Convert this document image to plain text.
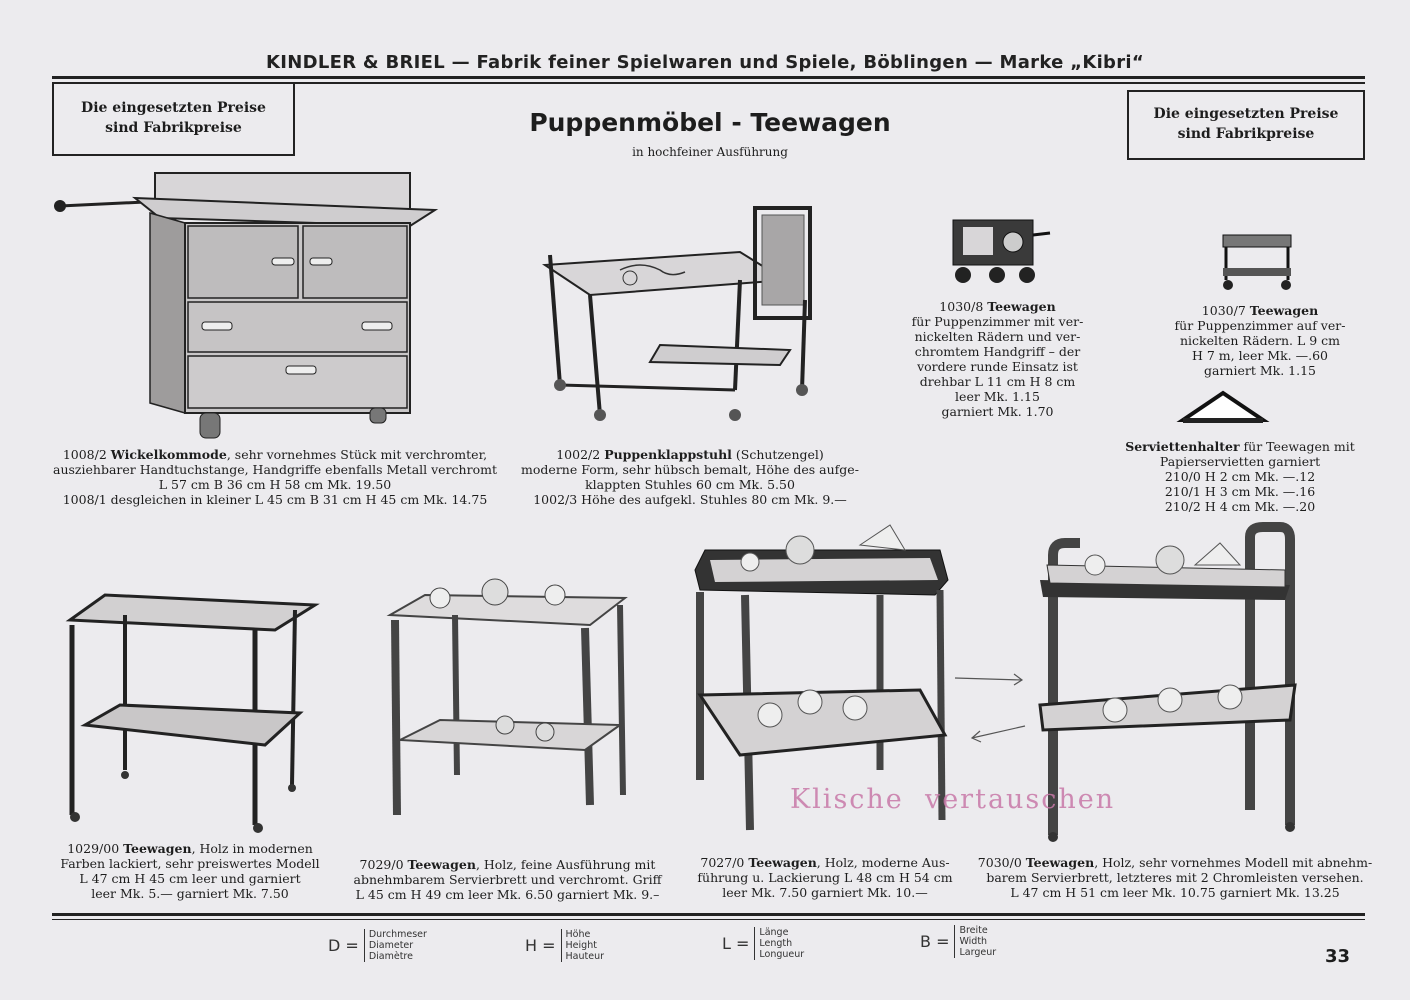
KINDLER & BRIEL — Fabrik feiner Spielwaren und Spiele, Böblingen — Marke „Kibri“
Die eingesetzten Preise
sind Fabrikpreise
Die eingesetzten Preise
sind Fabrikpreise
Puppenmöbel - Teewagen
in hochfeiner Ausführung
1008/2 Wickelkommode, sehr vornehmes Stück mit verchromter,
ausziehbarer Handtuchstange, Handgriffe ebenfalls Metall verchromt
L 57 cm B 36 cm H 58 cm Mk. 19.50
1008/1 desgleichen in kleiner L 45 cm B 31 cm H 45 cm Mk. 14.75
1002/2 Puppenklappstuhl (Schutzengel)
moderne Form, sehr hübsch bemalt, Höhe des aufge-
klappten Stuhles 60 cm Mk. 5.50
1002/3 Höhe des aufgekl. Stuhles 80 cm Mk. 9.—
1030/8 Teewagen
für Puppenzimmer mit ver-
nickelten Rädern und ver-
chromtem Handgriff – der
vordere runde Einsatz ist
drehbar L 11 cm H 8 cm
leer Mk. 1.15
garniert Mk. 1.70
1030/7 Teewagen
für Puppenzimmer auf ver-
nickelten Rädern. L 9 cm
H 7 m, leer Mk. —.60
garniert Mk. 1.15
Serviettenhalter für Teewagen mit
Papierservietten garniert
210/0 H 2 cm Mk. —.12
210/1 H 3 cm Mk. —.16
210/2 H 4 cm Mk. —.20
1029/00 Teewagen, Holz in modernen
Farben lackiert, sehr preiswertes Modell
L 47 cm H 45 cm leer und garniert
leer Mk. 5.— garniert Mk. 7.50
7029/0 Teewagen, Holz, feine Ausführung mit
abnehmbarem Servierbrett und verchromt. Griff
L 45 cm H 49 cm leer Mk. 6.50 garniert Mk. 9.–
7027/0 Teewagen, Holz, moderne Aus-
führung u. Lackierung L 48 cm H 54 cm
leer Mk. 7.50 garniert Mk. 10.—
7030/0 Teewagen, Holz, sehr vornehmes Modell mit abnehm-
barem Servierbrett, letzteres mit 2 Chromleisten versehen.
L 47 cm H 51 cm leer Mk. 10.75 garniert Mk. 13.25
Klische  vertauschen
D =
Durchmeser
Diameter
Diamètre
H =
Höhe
Height
Hauteur
L =
Länge
Length
Longueur
B =
Breite
Width
Largeur	33
